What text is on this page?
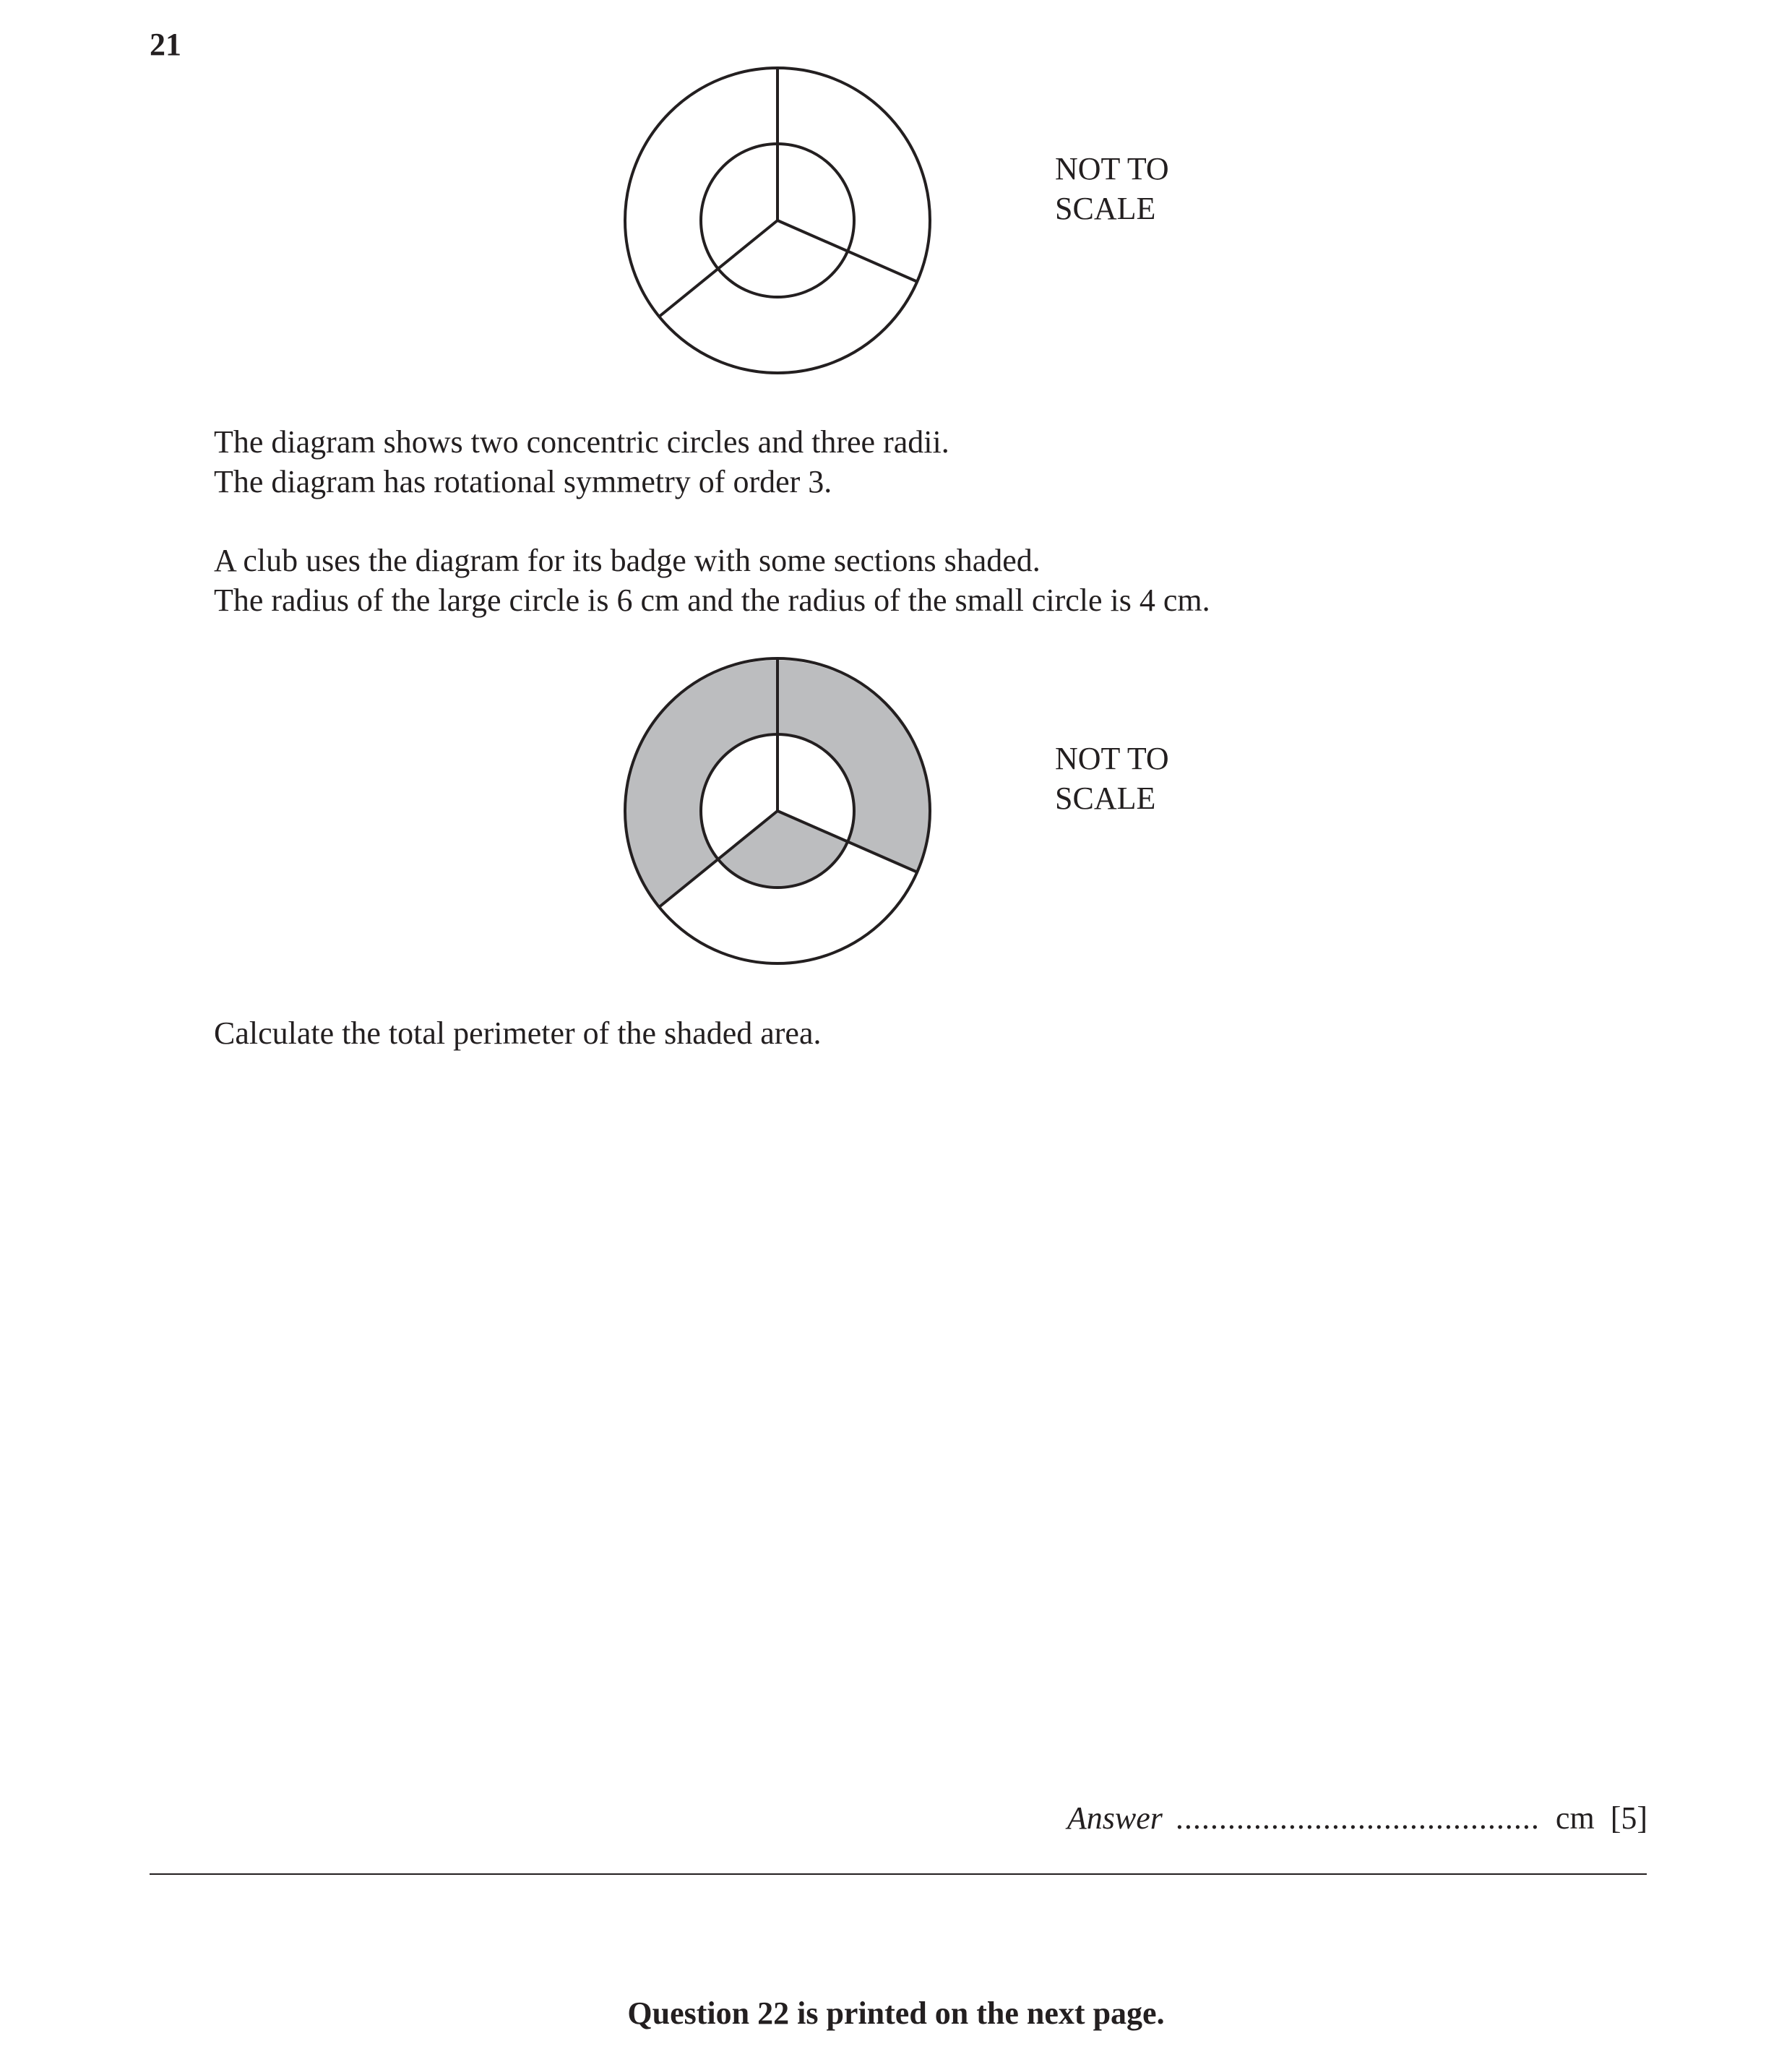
21
NOT TO
SCALE
The diagram shows two concentric circles and three radii.
The diagram has rotational symmetry of order 3.
A club uses the diagram for its badge with some sections shaded.
The radius of the large circle is 6 cm and the radius of the small circle is 4 cm.
NOT TO
SCALE
Calculate the total perimeter of the shaded area.
Answer .......................................... cm [5]
Question 22 is printed on the next page.
